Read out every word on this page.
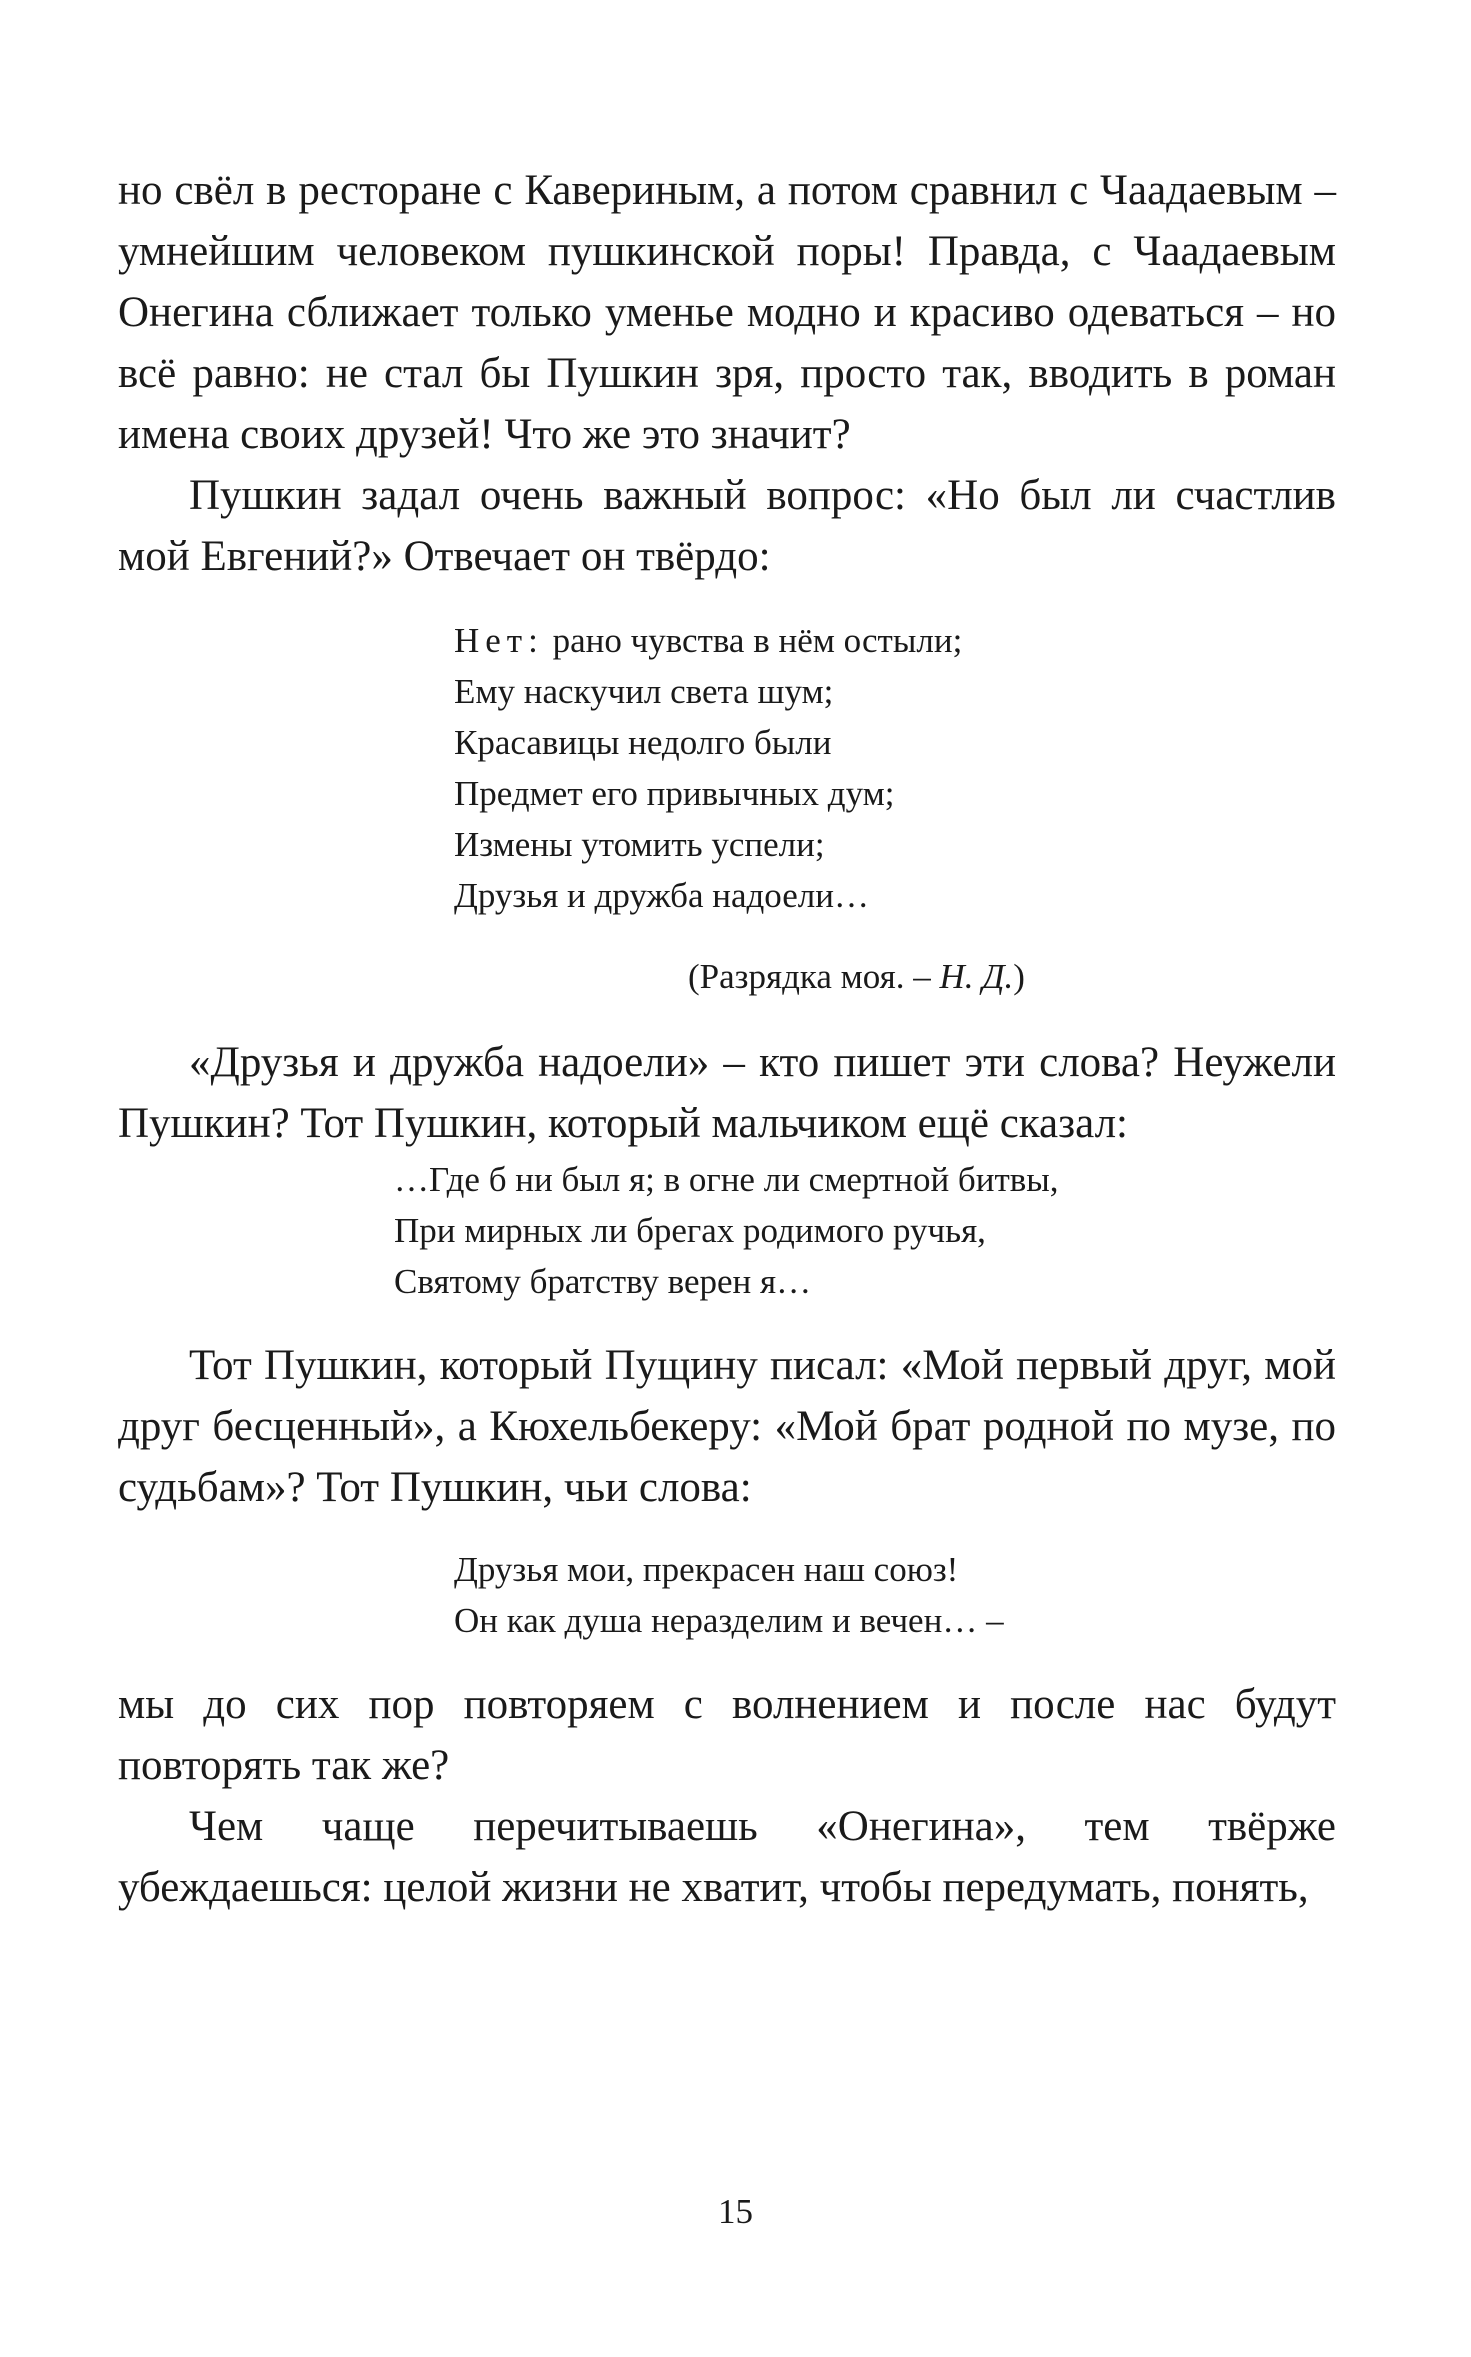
но свёл в ресторане с Кавериным, а потом сравнил с Чаадаевым – умнейшим человеком пушкинской поры! Правда, с Чаадаевым Онегина сближает только уменье модно и красиво одеваться – но всё равно: не стал бы Пушкин зря, просто так, вводить в роман имена своих друзей! Что же это значит?

Пушкин задал очень важный вопрос: «Но был ли счастлив мой Евгений?» Отвечает он твёрдо:

Нет: рано чувства в нём остыли;
Ему наскучил света шум;
Красавицы недолго были
Предмет его привычных дум;
Измены утомить успели;
Друзья и дружба надоели…
(Разрядка моя. – Н. Д.)

«Друзья и дружба надоели» – кто пишет эти слова? Неужели Пушкин? Тот Пушкин, который мальчиком ещё сказал:

…Где б ни был я; в огне ли смертной битвы,
При мирных ли брегах родимого ручья,
Святому братству верен я…

Тот Пушкин, который Пущину писал: «Мой первый друг, мой друг бесценный», а Кюхельбекеру: «Мой брат родной по музе, по судьбам»? Тот Пушкин, чьи слова:

Друзья мои, прекрасен наш союз!
Он как душа неразделим и вечен… –

мы до сих пор повторяем с волнением и после нас будут повторять так же?

Чем чаще перечитываешь «Онегина», тем твёрже убеждаешься: целой жизни не хватит, чтобы передумать, понять,

15
